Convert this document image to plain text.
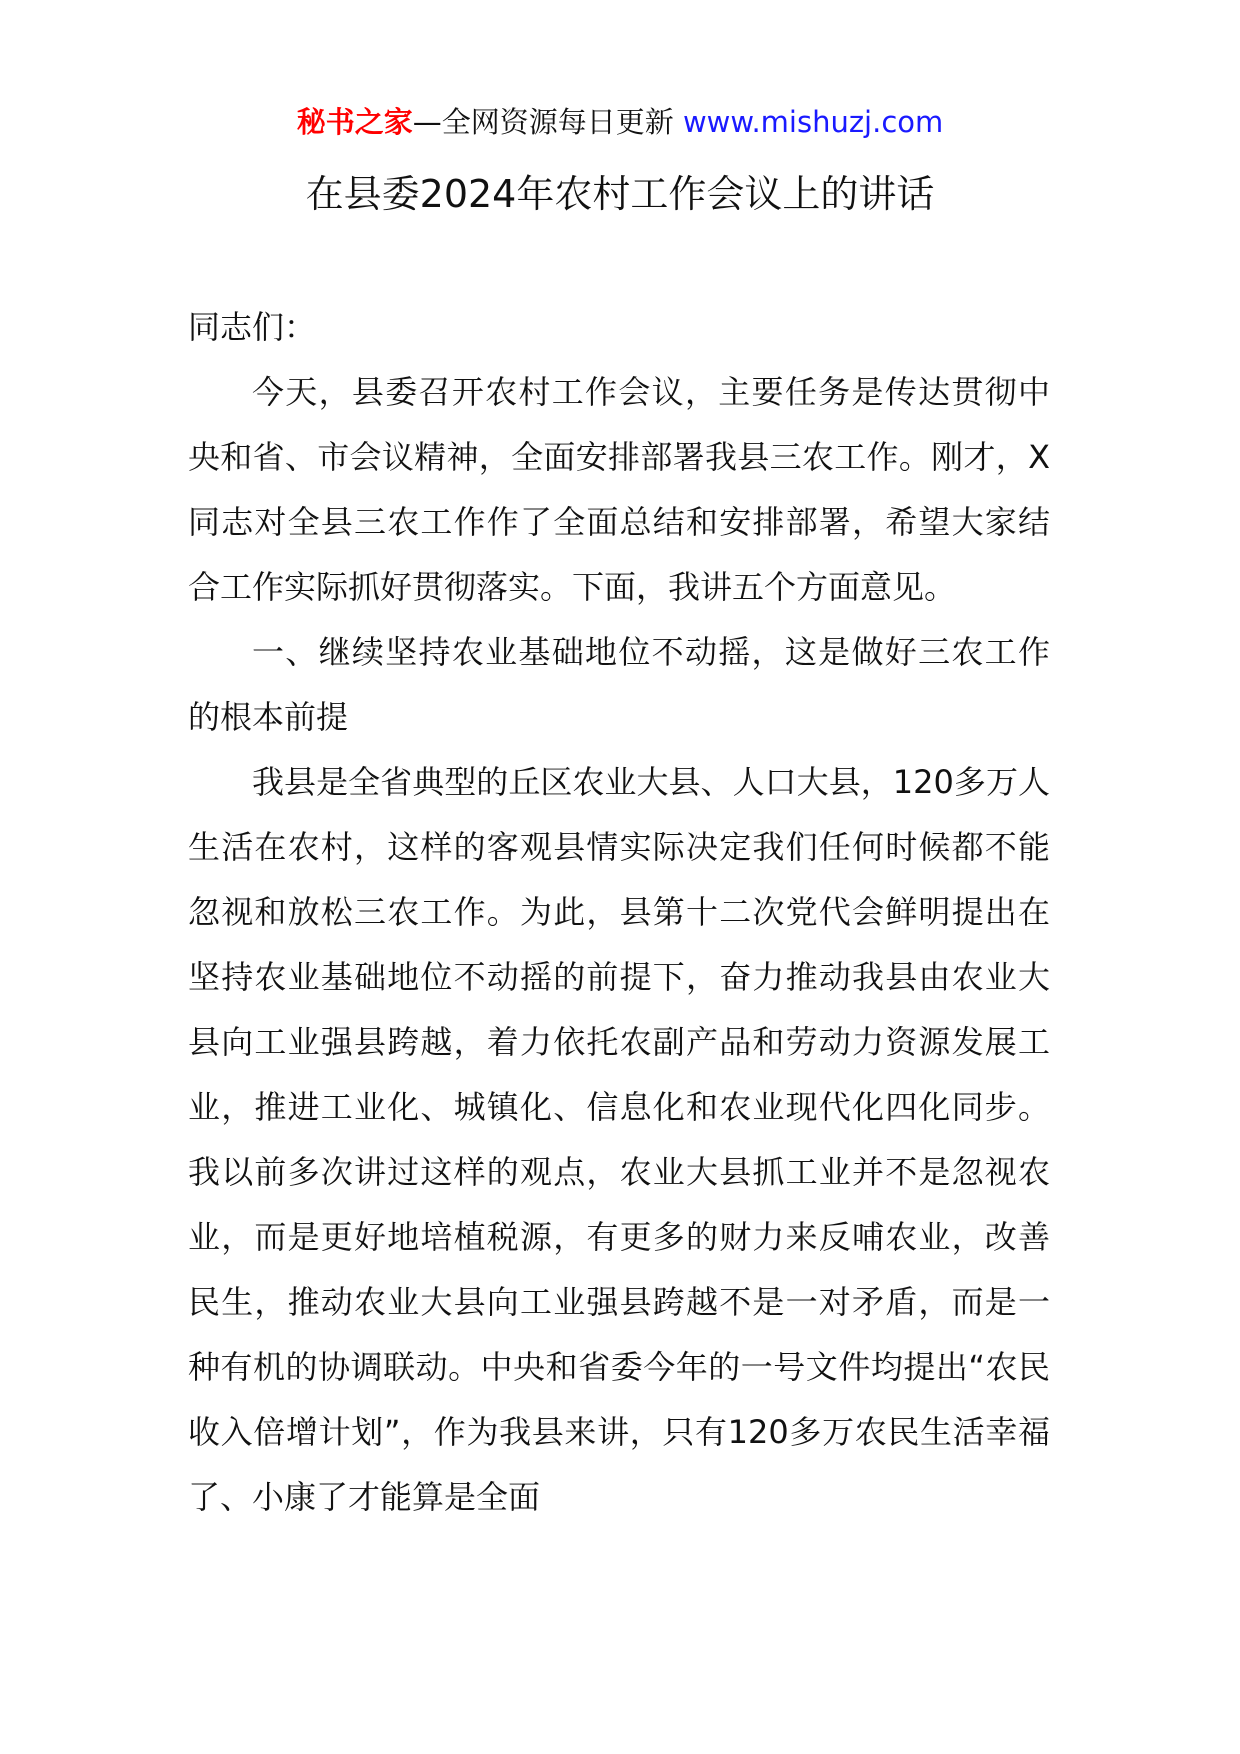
秘书之家—全网资源每日更新 www.mishuzj.com
在县委2024年农村工作会议上的讲话

同志们：

今天，县委召开农村工作会议，主要任务是传达贯彻中央和省、市会议精神，全面安排部署我县三农工作。刚才，X同志对全县三农工作作了全面总结和安排部署，希望大家结合工作实际抓好贯彻落实。下面，我讲五个方面意见。

一、继续坚持农业基础地位不动摇，这是做好三农工作的根本前提

我县是全省典型的丘区农业大县、人口大县，120多万人生活在农村，这样的客观县情实际决定我们任何时候都不能忽视和放松三农工作。为此，县第十二次党代会鲜明提出在坚持农业基础地位不动摇的前提下，奋力推动我县由农业大县向工业强县跨越，着力依托农副产品和劳动力资源发展工业，推进工业化、城镇化、信息化和农业现代化四化同步。我以前多次讲过这样的观点，农业大县抓工业并不是忽视农业，而是更好地培植税源，有更多的财力来反哺农业，改善民生，推动农业大县向工业强县跨越不是一对矛盾，而是一种有机的协调联动。中央和省委今年的一号文件均提出“农民收入倍增计划”，作为我县来讲，只有120多万农民生活幸福了、小康了才能算是全面
